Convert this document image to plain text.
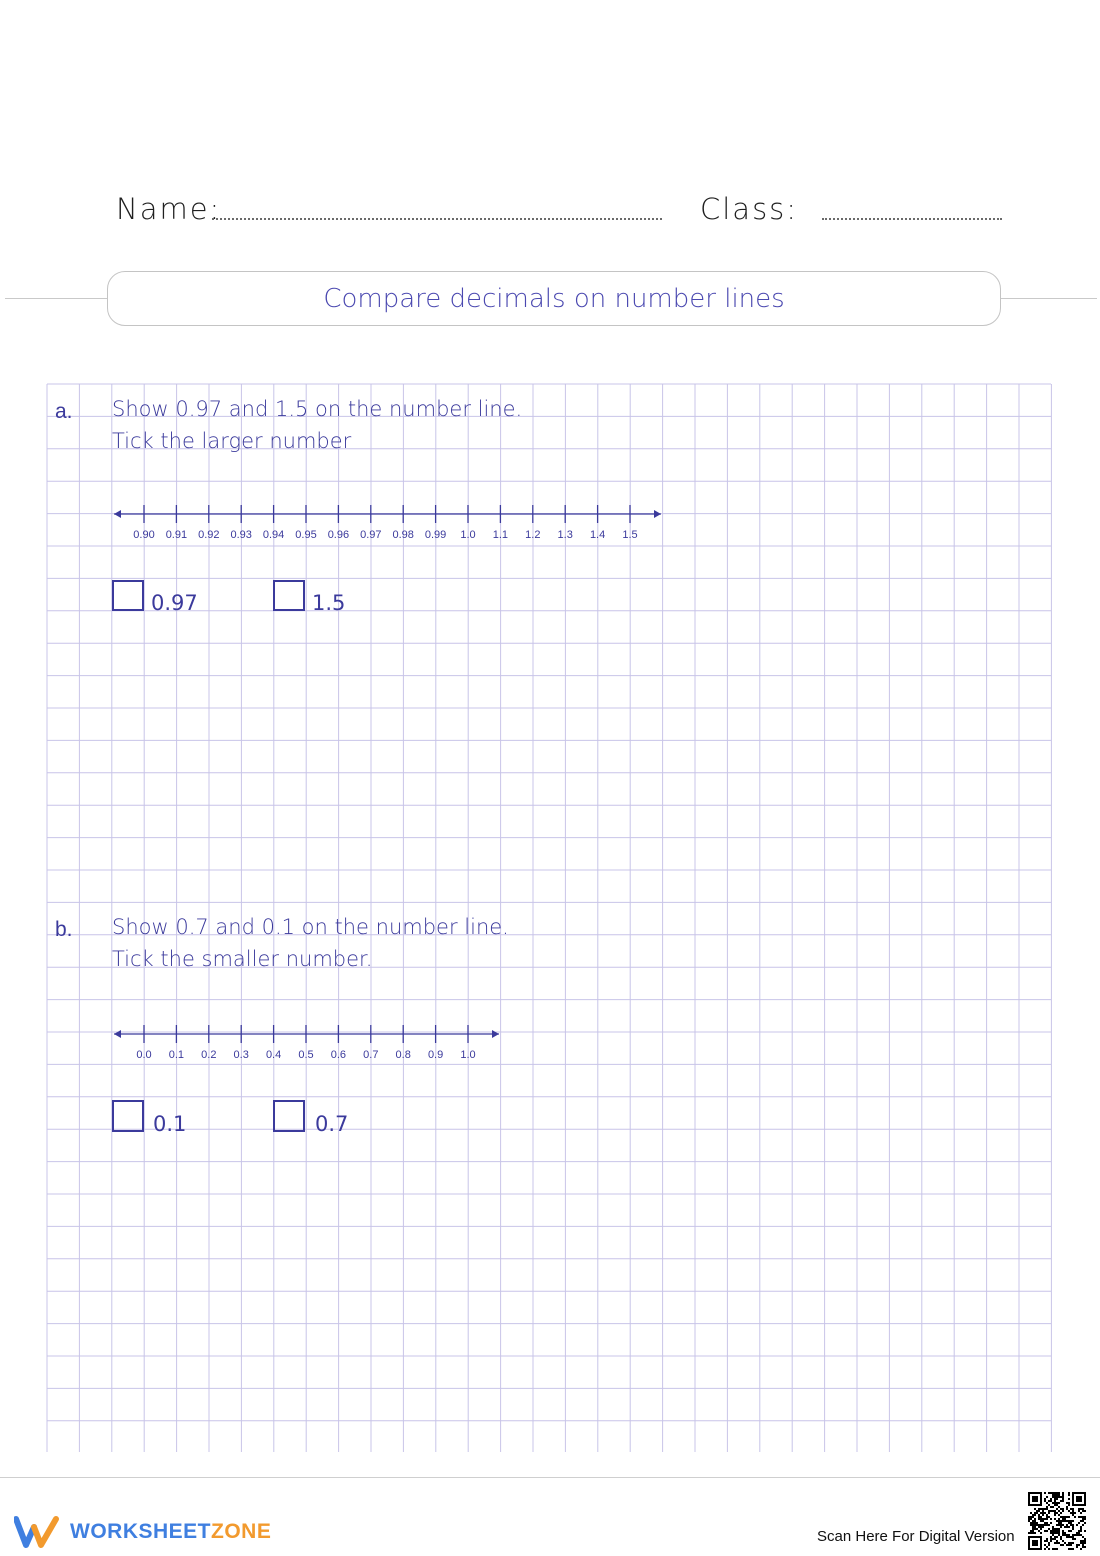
Name:	Class:
Compare decimals on number lines
a. Show 0.97 and 1.5 on the number line.
Tick the larger number
0.90 0.91 0.92 0.93 0.94 0.95 0.96 0.97 0.98 0.99 1.0 1.1 1.2 1.3 1.4 1.5
0.97	1.5
b. Show 0.7 and 0.1 on the number line.
Tick the smaller number.
0.0 0.1 0.2 0.3 0.4 0.5 0.6 0.7 0.8 0.9 1.0
0.1	0.7
WORKSHEETZONE	Scan Here For Digital Version
